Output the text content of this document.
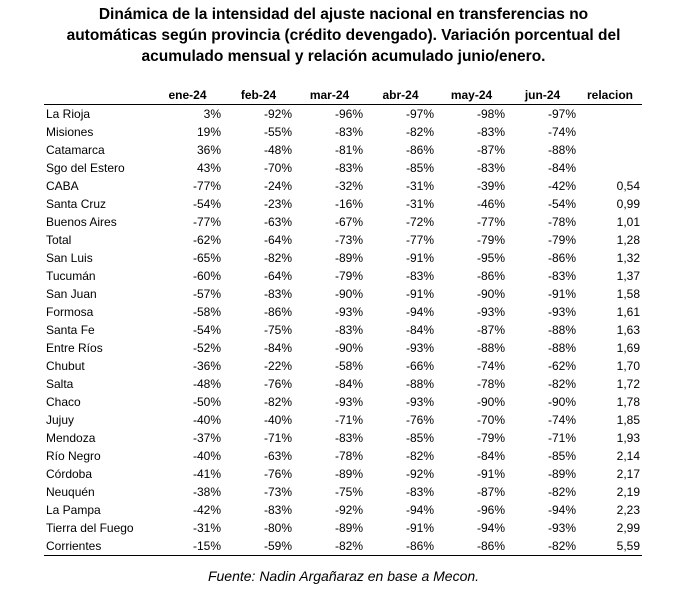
Dinámica de la intensidad del ajuste nacional en transferencias no
automáticas según provincia (crédito devengado). Variación porcentual del
acumulado mensual y relación acumulado junio/enero.
	ene-24	feb-24	mar-24	abr-24	may-24	jun-24	relacion
La Rioja	3%	-92%	-96%	-97%	-98%	-97%	
Misiones	19%	-55%	-83%	-82%	-83%	-74%	
Catamarca	36%	-48%	-81%	-86%	-87%	-88%	
Sgo del Estero	43%	-70%	-83%	-85%	-83%	-84%	
CABA	-77%	-24%	-32%	-31%	-39%	-42%	0,54
Santa Cruz	-54%	-23%	-16%	-31%	-46%	-54%	0,99
Buenos Aires	-77%	-63%	-67%	-72%	-77%	-78%	1,01
Total	-62%	-64%	-73%	-77%	-79%	-79%	1,28
San Luis	-65%	-82%	-89%	-91%	-95%	-86%	1,32
Tucumán	-60%	-64%	-79%	-83%	-86%	-83%	1,37
San Juan	-57%	-83%	-90%	-91%	-90%	-91%	1,58
Formosa	-58%	-86%	-93%	-94%	-93%	-93%	1,61
Santa Fe	-54%	-75%	-83%	-84%	-87%	-88%	1,63
Entre Ríos	-52%	-84%	-90%	-93%	-88%	-88%	1,69
Chubut	-36%	-22%	-58%	-66%	-74%	-62%	1,70
Salta	-48%	-76%	-84%	-88%	-78%	-82%	1,72
Chaco	-50%	-82%	-93%	-93%	-90%	-90%	1,78
Jujuy	-40%	-40%	-71%	-76%	-70%	-74%	1,85
Mendoza	-37%	-71%	-83%	-85%	-79%	-71%	1,93
Río Negro	-40%	-63%	-78%	-82%	-84%	-85%	2,14
Córdoba	-41%	-76%	-89%	-92%	-91%	-89%	2,17
Neuquén	-38%	-73%	-75%	-83%	-87%	-82%	2,19
La Pampa	-42%	-83%	-92%	-94%	-96%	-94%	2,23
Tierra del Fuego	-31%	-80%	-89%	-91%	-94%	-93%	2,99
Corrientes	-15%	-59%	-82%	-86%	-86%	-82%	5,59
Fuente: Nadin Argañaraz en base a Mecon.
